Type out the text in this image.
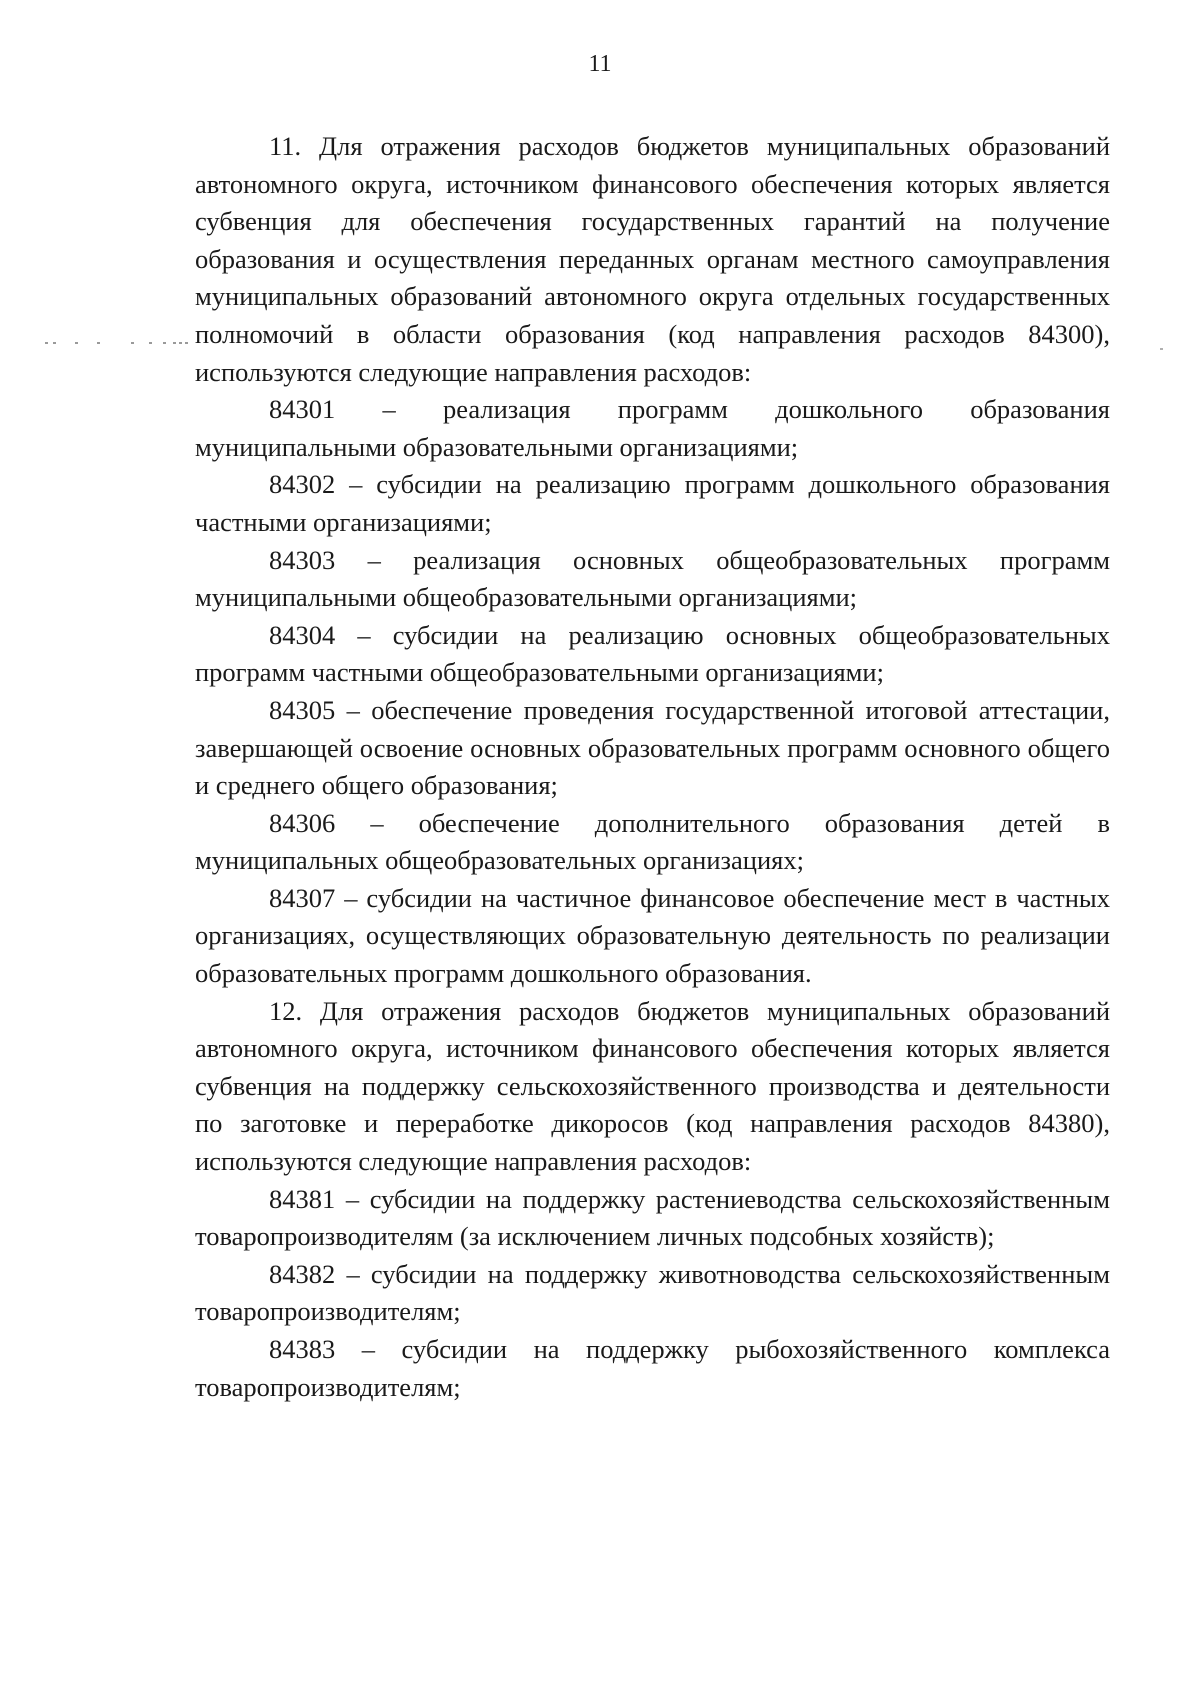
11

11. Для отражения расходов бюджетов муниципальных образований автономного округа, источником финансового обеспечения которых является субвенция для обеспечения государственных гарантий на получение образования и осуществления переданных органам местного самоуправления муниципальных образований автономного округа отдельных государственных полномочий в области образования (код направления расходов 84300), используются следующие направления расходов:

84301 – реализация программ дошкольного образования муниципальными образовательными организациями;

84302 – субсидии на реализацию программ дошкольного образования частными организациями;

84303 – реализация основных общеобразовательных программ муниципальными общеобразовательными организациями;

84304 – субсидии на реализацию основных общеобразовательных программ частными общеобразовательными организациями;

84305 – обеспечение проведения государственной итоговой аттестации, завершающей освоение основных образовательных программ основного общего и среднего общего образования;

84306 – обеспечение дополнительного образования детей в муниципальных общеобразовательных организациях;

84307 – субсидии на частичное финансовое обеспечение мест в частных организациях, осуществляющих образовательную деятельность по реализации образовательных программ дошкольного образования.

12. Для отражения расходов бюджетов муниципальных образований автономного округа, источником финансового обеспечения которых является субвенция на поддержку сельскохозяйственного производства и деятельности по заготовке и переработке дикоросов (код направления расходов 84380), используются следующие направления расходов:

84381 – субсидии на поддержку растениеводства сельскохозяйственным товаропроизводителям (за исключением личных подсобных хозяйств);

84382 – субсидии на поддержку животноводства сельскохозяйственным товаропроизводителям;

84383 – субсидии на поддержку рыбохозяйственного комплекса товаропроизводителям;
